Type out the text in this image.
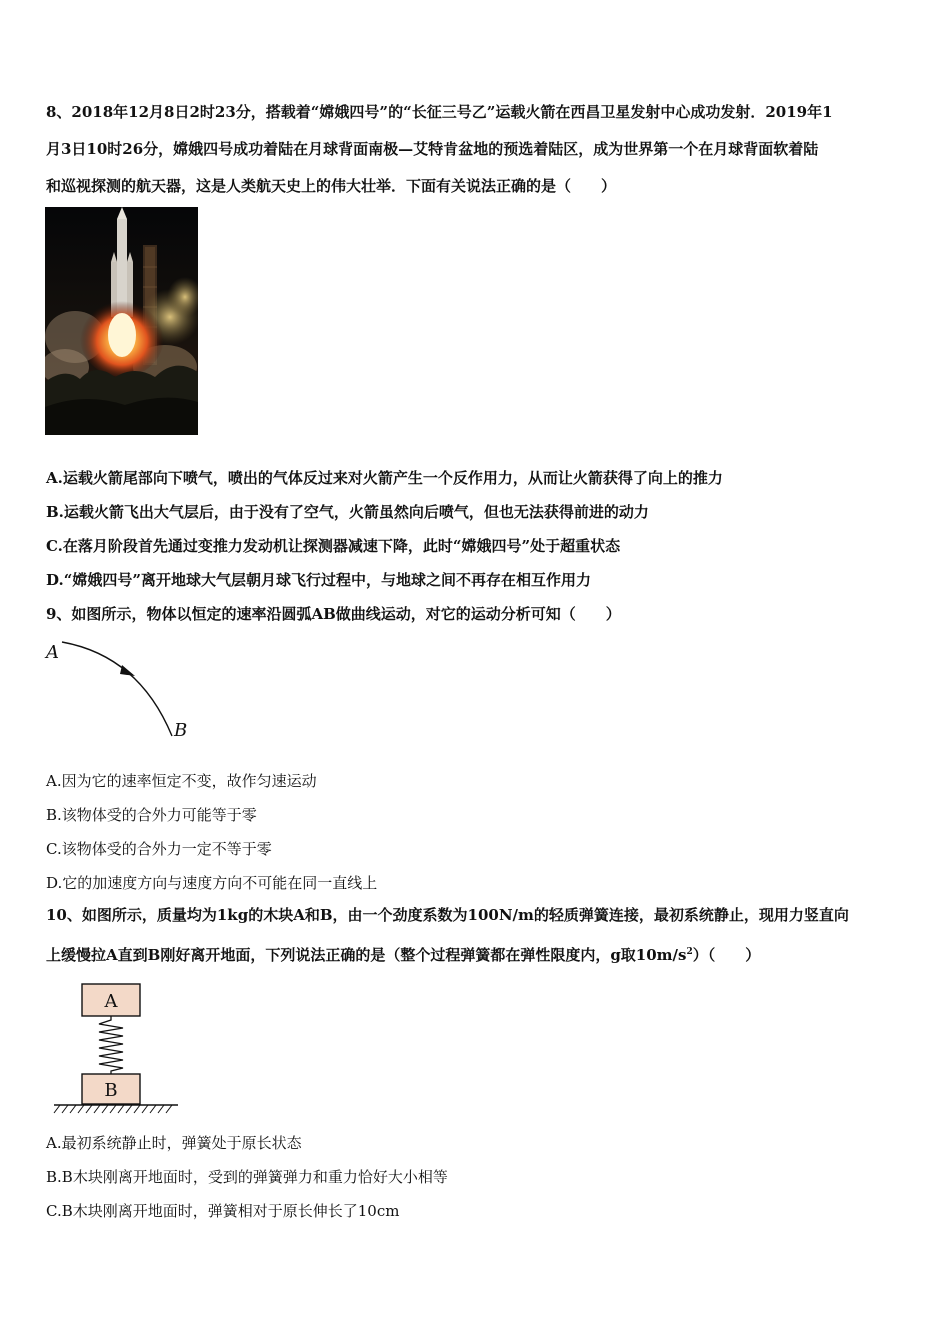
8、2018年12月8日2时23分，搭载着“嫦娥四号”的“长征三号乙”运载火箭在西昌卫星发射中心成功发射．2019年1
月3日10时26分，嫦娥四号成功着陆在月球背面南极—艾特肯盆地的预选着陆区，成为世界第一个在月球背面软着陆
和巡视探测的航天器，这是人类航天史上的伟大壮举．下面有关说法正确的是（　　）
A.运载火箭尾部向下喷气，喷出的气体反过来对火箭产生一个反作用力，从而让火箭获得了向上的推力
B.运载火箭飞出大气层后，由于没有了空气，火箭虽然向后喷气，但也无法获得前进的动力
C.在落月阶段首先通过变推力发动机让探测器减速下降，此时“嫦娥四号”处于超重状态
D.“嫦娥四号”离开地球大气层朝月球飞行过程中，与地球之间不再存在相互作用力
9、如图所示，物体以恒定的速率沿圆弧AB做曲线运动，对它的运动分析可知（　　）
A
B
A.因为它的速率恒定不变，故作匀速运动
B.该物体受的合外力可能等于零
C.该物体受的合外力一定不等于零
D.它的加速度方向与速度方向不可能在同一直线上
10、如图所示，质量均为1kg的木块A和B，由一个劲度系数为100N/m的轻质弹簧连接，最初系统静止，现用力竖直向
上缓慢拉A直到B刚好离开地面，下列说法正确的是（整个过程弹簧都在弹性限度内，g取$10m/s^2$）（　　）
A
B
A.最初系统静止时，弹簧处于原长状态
B.B木块刚离开地面时，受到的弹簧弹力和重力恰好大小相等
C.B木块刚离开地面时，弹簧相对于原长伸长了10cm
